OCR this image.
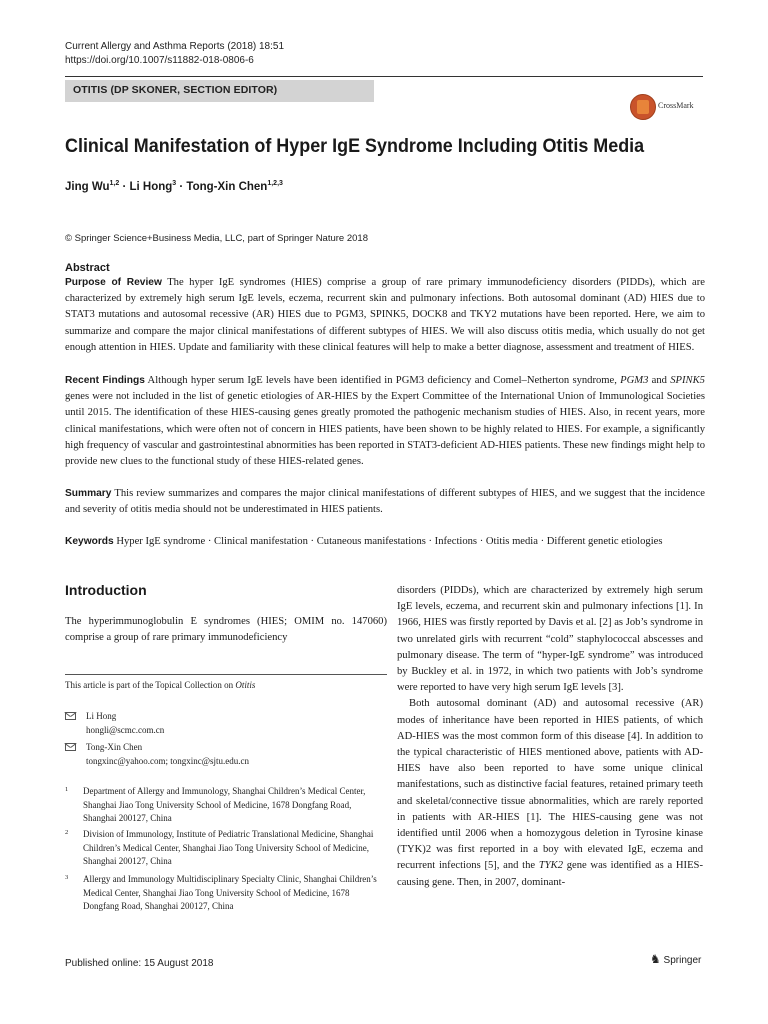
Current Allergy and Asthma Reports (2018) 18:51
https://doi.org/10.1007/s11882-018-0806-6
OTITIS (DP SKONER, SECTION EDITOR)
CrossMark
Clinical Manifestation of Hyper IgE Syndrome Including Otitis Media
Jing Wu$^{1,2}$ · Li Hong$^3$ · Tong-Xin Chen$^{1,2,3}$
© Springer Science+Business Media, LLC, part of Springer Nature 2018
Abstract
Purpose of Review The hyper IgE syndromes (HIES) comprise a group of rare primary immunodeficiency disorders (PIDDs), which are characterized by extremely high serum IgE levels, eczema, recurrent skin and pulmonary infections. Both autosomal dominant (AD) HIES due to STAT3 mutations and autosomal recessive (AR) HIES due to PGM3, SPINK5, DOCK8 and TKY2 mutations have been reported. Here, we aim to summarize and compare the major clinical manifestations of different subtypes of HIES. We will also discuss otitis media, which usually do not get enough attention in HIES. Update and familiarity with these clinical features will help to make a better diagnose, assessment and treatment of HIES.
Recent Findings Although hyper serum IgE levels have been identified in PGM3 deficiency and Comel–Netherton syndrome, PGM3 and SPINK5 genes were not included in the list of genetic etiologies of AR-HIES by the Expert Committee of the International Union of Immunological Societies until 2015. The identification of these HIES-causing genes greatly promoted the pathogenic mechanism studies of HIES. Also, in recent years, more clinical manifestations, which were often not of concern in HIES patients, have been shown to be highly related to HIES. For example, a significantly high frequency of vascular and gastrointestinal abnormities has been reported in STAT3-deficient AD-HIES patients. These new findings might help to provide new clues to the functional study of these HIES-related genes.
Summary This review summarizes and compares the major clinical manifestations of different subtypes of HIES, and we suggest that the incidence and severity of otitis media should not be underestimated in HIES patients.
Keywords Hyper IgE syndrome · Clinical manifestation · Cutaneous manifestations · Infections · Otitis media · Different genetic etiologies
Introduction
The hyperimmunoglobulin E syndromes (HIES; OMIM no. 147060) comprise a group of rare primary immunodeficiency
This article is part of the Topical Collection on Otitis
Li Hong
hongli@scmc.com.cn
Tong-Xin Chen
tongxinc@yahoo.com; tongxinc@sjtu.edu.cn
1 Department of Allergy and Immunology, Shanghai Children’s Medical Center, Shanghai Jiao Tong University School of Medicine, 1678 Dongfang Road, Shanghai 200127, China
2 Division of Immunology, Institute of Pediatric Translational Medicine, Shanghai Children’s Medical Center, Shanghai Jiao Tong University School of Medicine, Shanghai 200127, China
3 Allergy and Immunology Multidisciplinary Specialty Clinic, Shanghai Children’s Medical Center, Shanghai Jiao Tong University School of Medicine, 1678 Dongfang Road, Shanghai 200127, China

disorders (PIDDs), which are characterized by extremely high serum IgE levels, eczema, and recurrent skin and pulmonary infections [1]. In 1966, HIES was firstly reported by Davis et al. [2] as Job’s syndrome in two unrelated girls with recurrent “cold” staphylococcal abscesses and pulmonary disease. The term of “hyper-IgE syndrome” was introduced by Buckley et al. in 1972, in which two patients with Job’s syndrome were reported to have very high serum IgE levels [3].

Both autosomal dominant (AD) and autosomal recessive (AR) modes of inheritance have been reported in HIES patients, of which AD-HIES was the most common form of this disease [4]. In addition to the typical characteristic of HIES mentioned above, patients with AD-HIES have also been reported to have some unique clinical manifestations, such as distinctive facial features, retained primary teeth and skeletal/connective tissue abnormalities, which are rarely reported in patients with AR-HIES [1]. The HIES-causing gene was not identified until 2006 when a homozygous deletion in Tyrosine kinase (TYK)2 was first reported in a boy with elevated IgE, eczema and recurrent infections [5], and the TYK2 gene was identified as a HIES-causing gene. Then, in 2007, dominant-

Published online: 15 August 2018	♞ Springer
